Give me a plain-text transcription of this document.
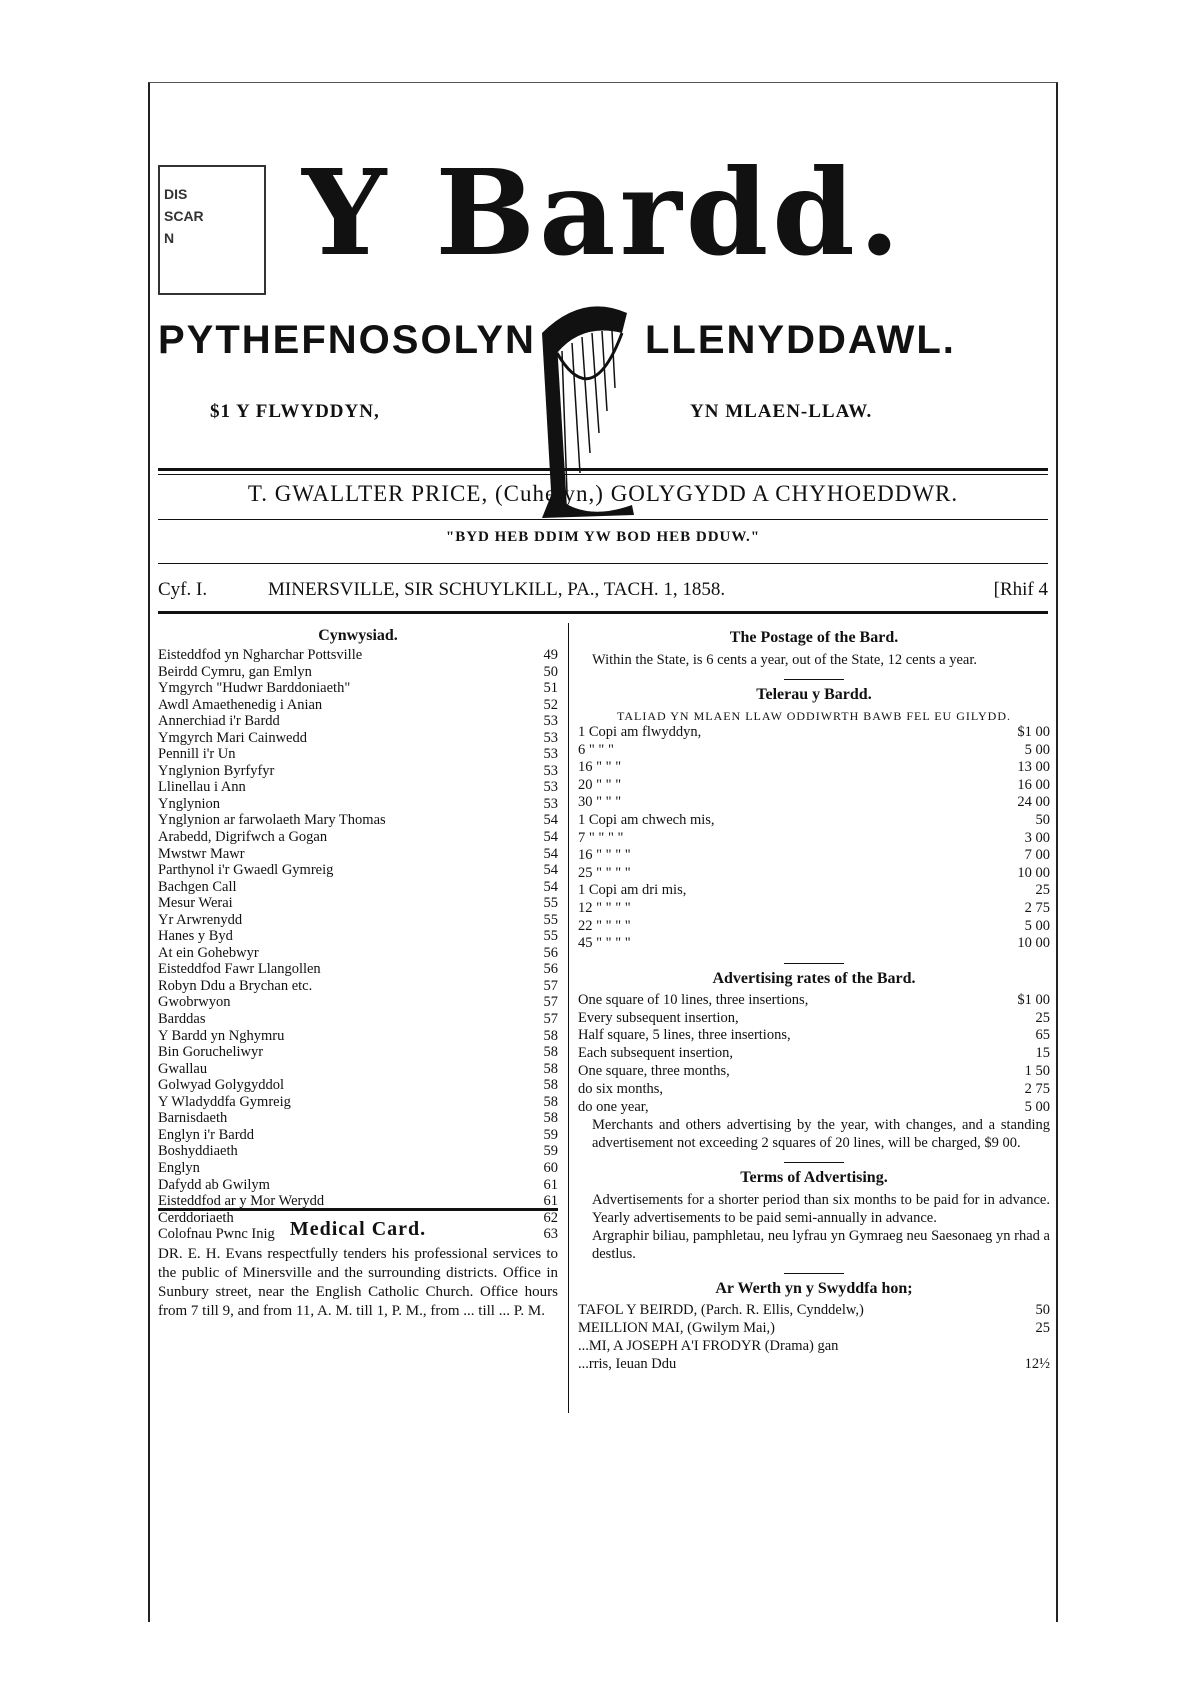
DIS
SCAR
N	Y Bardd.
PYTHEFNOSOLYN	LLENYDDAWL.
$1 Y FLWYDDYN,	YN MLAEN-LLAW.
T. GWALLTER PRICE, (Cuhelyn,) GOLYGYDD A CHYHOEDDWR.
"BYD HEB DDIM YW BOD HEB DDUW."
Cyf. I.	MINERSVILLE, SIR SCHUYLKILL, PA., TACH. 1, 1858.	[Rhif 4
Cynwysiad.
Eisteddfod yn Ngharchar Pottsville	49
Beirdd Cymru, gan Emlyn	50
Ymgyrch "Hudwr Barddoniaeth"	51
Awdl Amaethenedig i Anian	52
Annerchiad i'r Bardd	53
Ymgyrch Mari Cainwedd	53
Pennill i'r Un	53
Ynglynion Byrfyfyr	53
Llinellau i Ann	53
Ynglynion	53
Ynglynion ar farwolaeth Mary Thomas	54
Arabedd, Digrifwch a Gogan	54
Mwstwr Mawr	54
Parthynol i'r Gwaedl Gymreig	54
Bachgen Call	54
Mesur Werai	55
Yr Arwrenydd	55
Hanes y Byd	55
At ein Gohebwyr	56
Eisteddfod Fawr Llangollen	56
Robyn Ddu a Brychan etc.	57
Gwobrwyon	57
Barddas	57
Y Bardd yn Nghymru	58
Bin Gorucheliwyr	58
Gwallau	58
Golwyad Golygyddol	58
Y Wladyddfa Gymreig	58
Barnisdaeth	58
Englyn i'r Bardd	59
Boshyddiaeth	59
Englyn	60
Dafydd ab Gwilym	61
Eisteddfod ar y Mor Werydd	61
Cerddoriaeth	62
Colofnau Pwnc Inig	63
Medical Card.

DR. E. H. Evans respectfully tenders his professional services to the public of Minersville and the surrounding districts. Office in Sunbury street, near the English Catholic Church. Office hours from 7 till 9, and from 11, A. M. till 1, P. M., from ... till ... P. M.

The Postage of the Bard.

Within the State, is 6 cents a year, out of the State, 12 cents a year.

Telerau y Bardd.
TALIAD YN MLAEN LLAW ODDIWRTH BAWB FEL EU GILYDD.
1 Copi am flwyddyn,	$1 00
6 " " "	5 00
16 " " "	13 00
20 " " "	16 00
30 " " "	24 00
1 Copi am chwech mis,	50
7 " " " "	3 00
16 " " " "	7 00
25 " " " "	10 00
1 Copi am dri mis,	25
12 " " " "	2 75
22 " " " "	5 00
45 " " " "	10 00
Advertising rates of the Bard.
One square of 10 lines, three insertions,	$1 00
Every subsequent insertion,	25
Half square, 5 lines, three insertions,	65
Each subsequent insertion,	15
One square, three months,	1 50
do six months,	2 75
do one year,	5 00

Merchants and others advertising by the year, with changes, and a standing advertisement not exceeding 2 squares of 20 lines, will be charged, $9 00.

Terms of Advertising.

Advertisements for a shorter period than six months to be paid for in advance. Yearly advertisements to be paid semi-annually in advance.

Argraphir biliau, pamphletau, neu lyfrau yn Gymraeg neu Saesonaeg yn rhad a destlus.

Ar Werth yn y Swyddfa hon;
TAFOL Y BEIRDD, (Parch. R. Ellis, Cynddelw,)	50
MEILLION MAI, (Gwilym Mai,)	25
...MI, A JOSEPH A'I FRODYR (Drama) gan
...rris, Ieuan Ddu	12½
